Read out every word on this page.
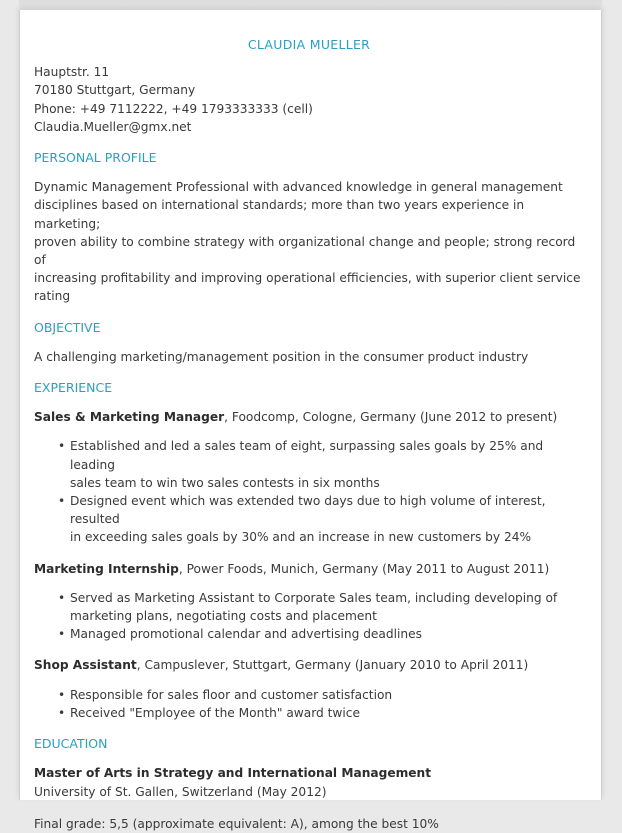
CLAUDIA MUELLER
Hauptstr. 11
70180 Stuttgart, Germany
Phone: +49 7112222, +49 1793333333 (cell)
Claudia.Mueller@gmx.net
PERSONAL PROFILE
Dynamic Management Professional with advanced knowledge in general management
disciplines based on international standards; more than two years experience in marketing;
proven ability to combine strategy with organizational change and people; strong record of
increasing profitability and improving operational efficiencies, with superior client service
rating
OBJECTIVE
A challenging marketing/management position in the consumer product industry
EXPERIENCE
Sales & Marketing Manager, Foodcomp, Cologne, Germany (June 2012 to present)
• Established and led a sales team of eight, surpassing sales goals by 25% and leading
sales team to win two sales contests in six months
• Designed event which was extended two days due to high volume of interest, resulted
in exceeding sales goals by 30% and an increase in new customers by 24%
Marketing Internship, Power Foods, Munich, Germany (May 2011 to August 2011)
• Served as Marketing Assistant to Corporate Sales team, including developing of
marketing plans, negotiating costs and placement
• Managed promotional calendar and advertising deadlines
Shop Assistant, Campuslever, Stuttgart, Germany (January 2010 to April 2011)
• Responsible for sales floor and customer satisfaction
• Received "Employee of the Month" award twice
EDUCATION
Master of Arts in Strategy and International Management
University of St. Gallen, Switzerland (May 2012)
Final grade: 5,5 (approximate equivalent: A), among the best 10%
